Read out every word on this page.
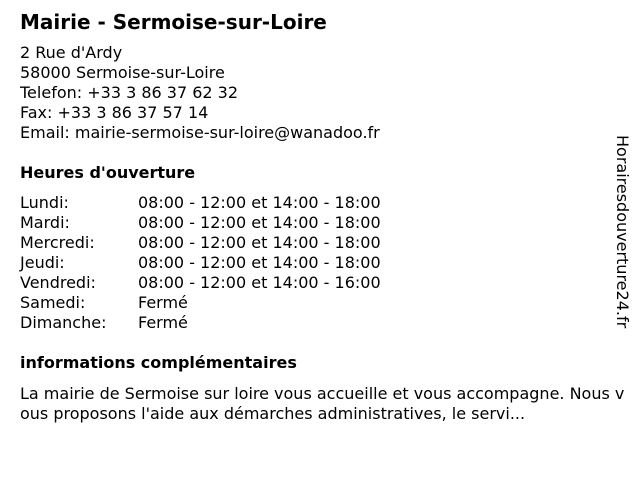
Mairie - Sermoise-sur-Loire
2 Rue d'Ardy
58000 Sermoise-sur-Loire
Telefon: +33 3 86 37 62 32
Fax: +33 3 86 37 57 14
Email: mairie-sermoise-sur-loire@wanadoo.fr
Heures d'ouverture
Lundi:	08:00 - 12:00 et 14:00 - 18:00
Mardi:	08:00 - 12:00 et 14:00 - 18:00
Mercredi:	08:00 - 12:00 et 14:00 - 18:00
Jeudi:	08:00 - 12:00 et 14:00 - 18:00
Vendredi:	08:00 - 12:00 et 14:00 - 16:00
Samedi:	Fermé
Dimanche: Fermé
informations complémentaires
La mairie de Sermoise sur loire vous accueille et vous accompagne. Nous vous proposons l'aide aux démarches administratives, le servi...
Horairesdouverture24.fr
